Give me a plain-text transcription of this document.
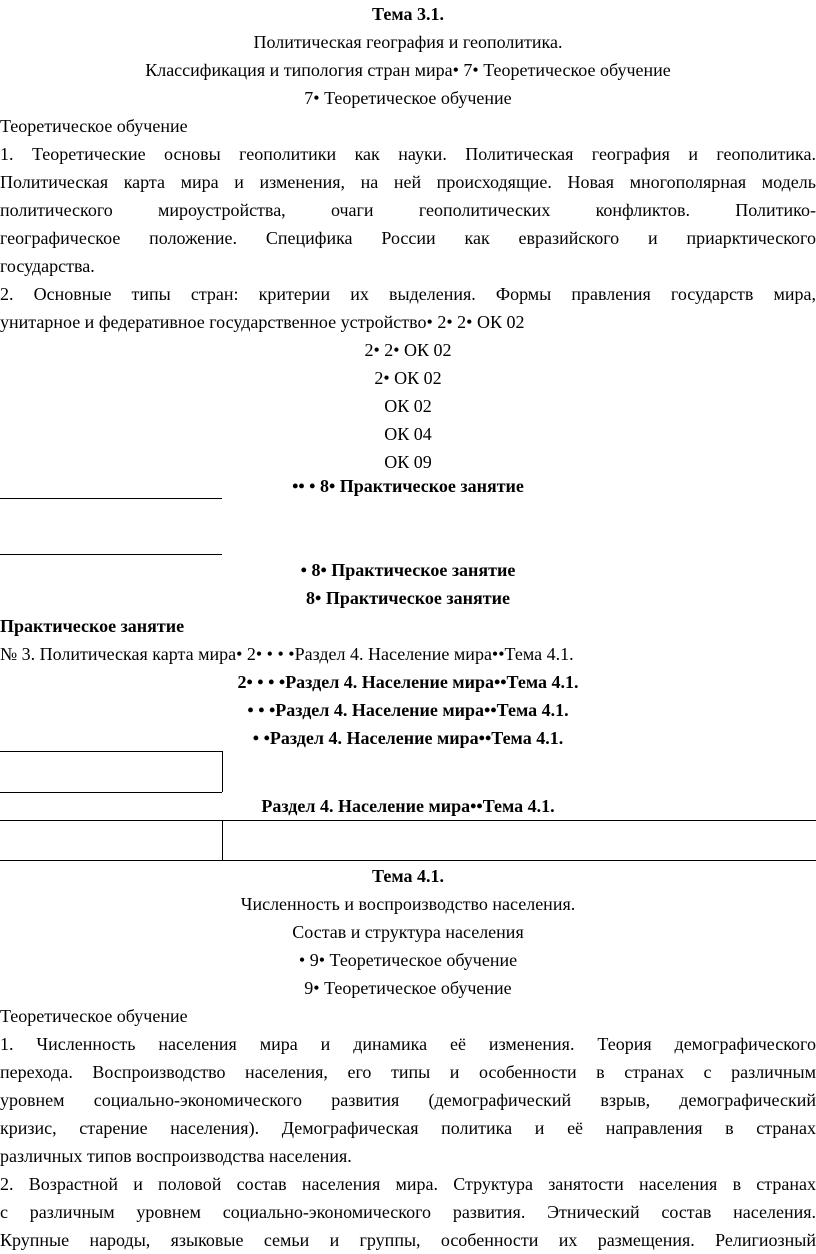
Тема 3.1.
Политическая география и геополитика.
Классификация и типология стран мира• 7• Теоретическое обучение
7• Теоретическое обучение
Теоретическое обучение
1. Теоретические основы геополитики как науки. Политическая география и геополитика.
Политическая карта мира и изменения, на ней происходящие. Новая многополярная модель
политического мироустройства, очаги геополитических конфликтов. Политико-
географическое положение. Специфика России как евразийского и приарктического
государства.
2. Основные типы стран: критерии их выделения. Формы правления государств мира,
унитарное и федеративное государственное устройство• 2• 2• ОК 02
2• 2• ОК 02
2• ОК 02
ОК 02
ОК 04
ОК 09
•• • 8• Практическое занятие
• 8• Практическое занятие
8• Практическое занятие
Практическое занятие
№ 3. Политическая карта мира• 2• • • •Раздел 4. Население мира••Тема 4.1.
2• • • •Раздел 4. Население мира••Тема 4.1.
• • •Раздел 4. Население мира••Тема 4.1.
• •Раздел 4. Население мира••Тема 4.1.
Раздел 4. Население мира••Тема 4.1.
Тема 4.1.
Численность и воспроизводство населения.
Состав и структура населения
• 9• Теоретическое обучение
9• Теоретическое обучение
Теоретическое обучение
1. Численность населения мира и динамика её изменения. Теория демографического
перехода. Воспроизводство населения, его типы и особенности в странах с различным
уровнем социально-экономического развития (демографический взрыв, демографический
кризис, старение населения). Демографическая политика и её направления в странах
различных типов воспроизводства населения.
2. Возрастной и половой состав населения мира. Структура занятости населения в странах
с различным уровнем социально-экономического развития. Этнический состав населения.
Крупные народы, языковые семьи и группы, особенности их размещения. Религиозный
